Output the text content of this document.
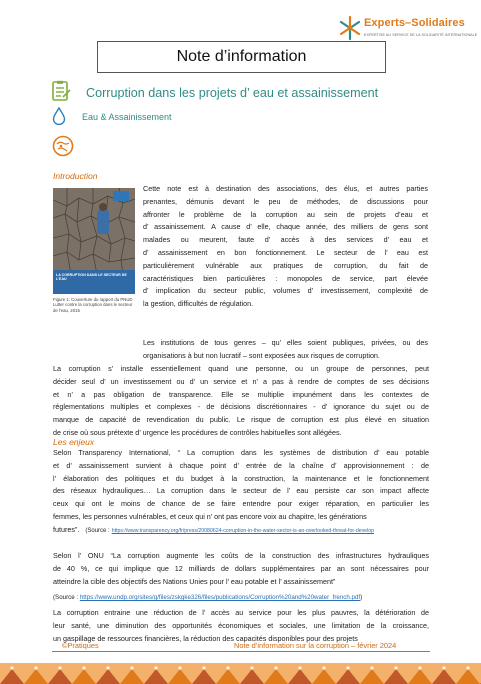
Experts–Solidaires
EXPERTISE AU SERVICE DE LA SOLIDARITÉ INTERNATIONALE
Note d’information
Corruption dans les projets d’ eau et assainissement
Eau & Assainissement
Introduction
LA CORRUPTION DANS LE SECTEUR DE L'EAU
Figure 1: Couverture du rapport du PNUD Lutter contre la corruption dans le secteur de l'eau, 2015
Cette note est à destination des associations, des élus, et autres parties
prenantes, démunis devant le peu de méthodes, de discussions pour
affronter le problème de la corruption au sein de projets d’eau et
d’ assainissement. A cause d’ elle, chaque année, des milliers de gens sont
malades ou meurent, faute d’ accès à des services d’ eau et
d’ assainissement en bon fonctionnement. Le secteur de l’ eau est
particulièrement vulnérable aux pratiques de corruption, du fait de
caractéristiques bien particulières : monopoles de service, part élevée
d’ implication du secteur public, volumes d’ investissement, complexité de
la gestion, difficultés de régulation.
Les institutions de tous genres – qu’ elles soient publiques, privées, ou des
organisations à but non lucratif – sont exposées aux risques de corruption.
La corruption s’ installe essentiellement quand une personne, ou un groupe de personnes, peut
décider seul d’ un investissement ou d’ un service et n’ a pas à rendre de comptes de ses décisions
et n’ a pas obligation de transparence. Elle se multiplie impunément dans les contextes de
réglementations multiples et complexes - de décisions discrétionnaires - d’ ignorance du sujet ou de
manque de capacité de revendication du public. Le risque de corruption est plus élevé en situation
de crise où sous prétexte d’ urgence les procédures de contrôles habituelles sont allégées.
Les enjeux
Selon Transparency International, “ La corruption dans les systèmes de distribution d’ eau potable
et d’ assainissement survient à chaque point d’ entrée de la chaîne d’ approvisionnement : de
l’ élaboration des politiques et du budget à la construction, la maintenance et le fonctionnement
des réseaux hydrauliques… La corruption dans le secteur de l’ eau persiste car son impact affecte
ceux qui ont le moins de chance de se faire entendre pour exiger réparation, en particulier les
femmes, les personnes vulnérables, et ceux qui n’ ont pas encore voix au chapitre, les générations
futures”. (Source : https://www.transparency.org/fr/press/20080624-corruption-in-the-water-sector-is-an-overlooked-threat-for-develop
Selon l’ ONU “La corruption augmente les coûts de la construction des infrastructures hydrauliques
de 40 %, ce qui implique que 12 milliards de dollars supplémentaires par an sont nécessaires pour
atteindre la cible des objectifs des Nations Unies pour l’ eau potable et l’ assainissement”
(Source : https://www.undp.org/sites/g/files/zskgke326/files/publications/Corruption%20and%20water_french.pdf)
La corruption entraine une réduction de l’ accès au service pour les plus pauvres, la détérioration de
leur santé, une diminution des opportunités économiques et sociales, une limitation de la croissance,
un gaspillage de ressources financières, la réduction des capacités disponibles pour des projets
©Pratiques	Note d’information sur la corruption – février 2024
